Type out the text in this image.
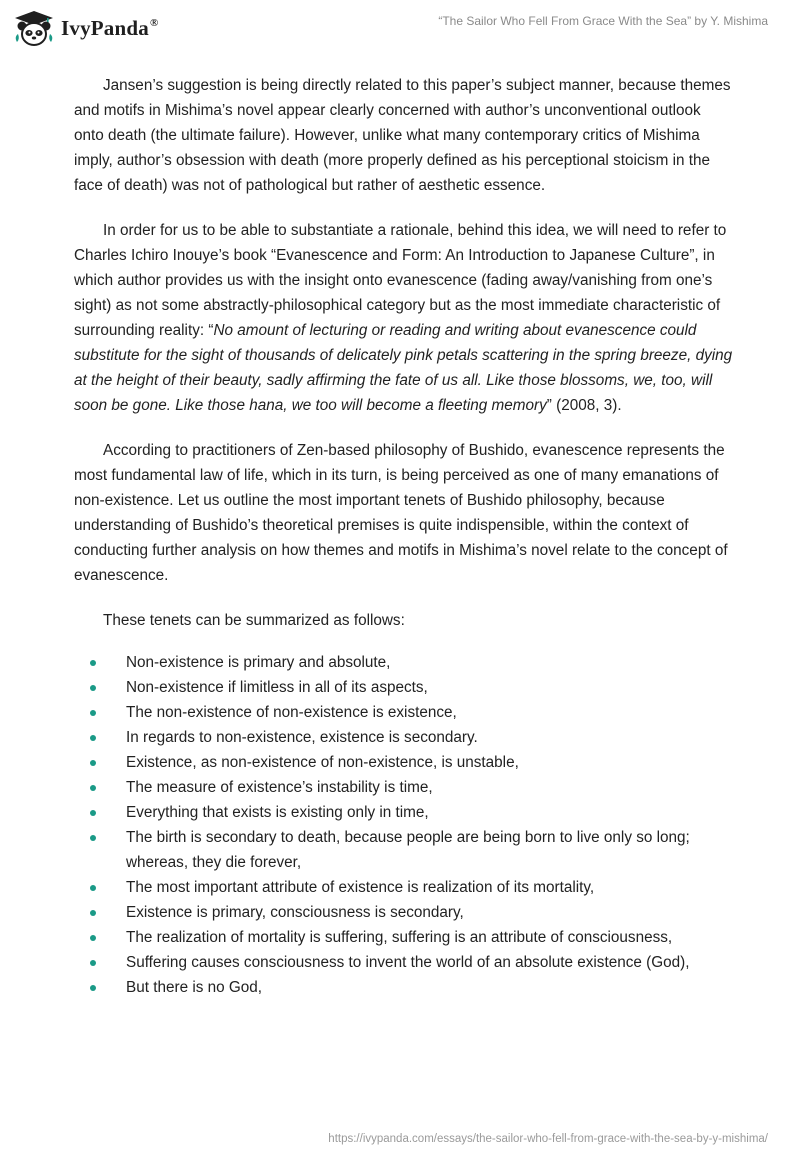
IvyPanda®	“The Sailor Who Fell From Grace With the Sea” by Y. Mishima

Jansen’s suggestion is being directly related to this paper’s subject manner, because themes and motifs in Mishima’s novel appear clearly concerned with author’s unconventional outlook onto death (the ultimate failure). However, unlike what many contemporary critics of Mishima imply, author’s obsession with death (more properly defined as his perceptional stoicism in the face of death) was not of pathological but rather of aesthetic essence.

In order for us to be able to substantiate a rationale, behind this idea, we will need to refer to Charles Ichiro Inouye’s book “Evanescence and Form: An Introduction to Japanese Culture”, in which author provides us with the insight onto evanescence (fading away/vanishing from one’s sight) as not some abstractly-philosophical category but as the most immediate characteristic of surrounding reality: “No amount of lecturing or reading and writing about evanescence could substitute for the sight of thousands of delicately pink petals scattering in the spring breeze, dying at the height of their beauty, sadly affirming the fate of us all. Like those blossoms, we, too, will soon be gone. Like those hana, we too will become a fleeting memory” (2008, 3).

According to practitioners of Zen-based philosophy of Bushido, evanescence represents the most fundamental law of life, which in its turn, is being perceived as one of many emanations of non-existence. Let us outline the most important tenets of Bushido philosophy, because understanding of Bushido’s theoretical premises is quite indispensible, within the context of conducting further analysis on how themes and motifs in Mishima’s novel relate to the concept of evanescence.

These tenets can be summarized as follows:

Non-existence is primary and absolute,
Non-existence if limitless in all of its aspects,
The non-existence of non-existence is existence,
In regards to non-existence, existence is secondary.
Existence, as non-existence of non-existence, is unstable,
The measure of existence’s instability is time,
Everything that exists is existing only in time,
The birth is secondary to death, because people are being born to live only so long; whereas, they die forever,
The most important attribute of existence is realization of its mortality,
Existence is primary, consciousness is secondary,
The realization of mortality is suffering, suffering is an attribute of consciousness,
Suffering causes consciousness to invent the world of an absolute existence (God),
But there is no God,
https://ivypanda.com/essays/the-sailor-who-fell-from-grace-with-the-sea-by-y-mishima/
